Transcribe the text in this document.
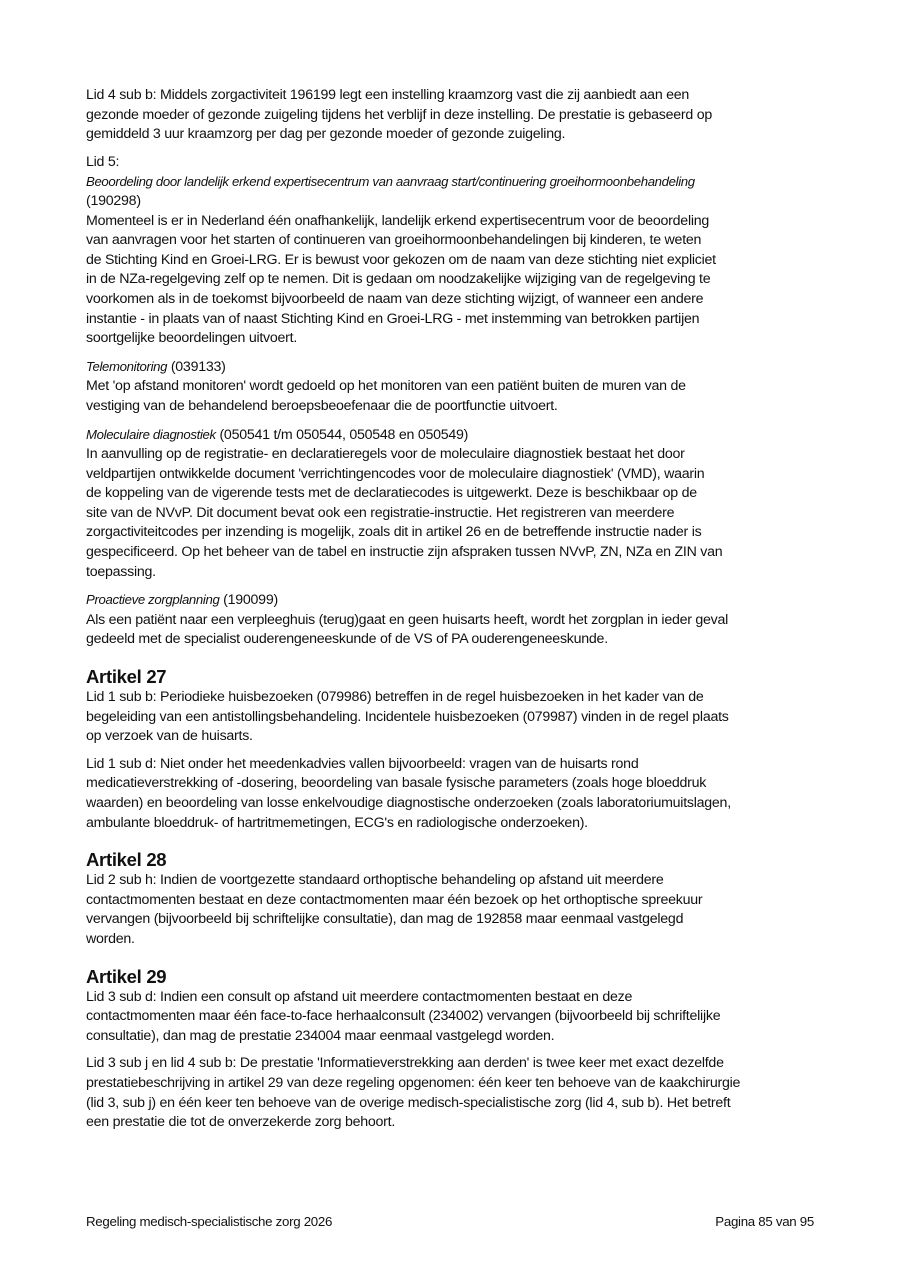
Lid 4 sub b: Middels zorgactiviteit 196199 legt een instelling kraamzorg vast die zij aanbiedt aan een
gezonde moeder of gezonde zuigeling tijdens het verblijf in deze instelling. De prestatie is gebaseerd op
gemiddeld 3 uur kraamzorg per dag per gezonde moeder of gezonde zuigeling.

Lid 5:
Beoordeling door landelijk erkend expertisecentrum van aanvraag start/continuering groeihormoonbehandeling
(190298)
Momenteel is er in Nederland één onafhankelijk, landelijk erkend expertisecentrum voor de beoordeling
van aanvragen voor het starten of continueren van groeihormoonbehandelingen bij kinderen, te weten
de Stichting Kind en Groei-LRG. Er is bewust voor gekozen om de naam van deze stichting niet expliciet
in de NZa-regelgeving zelf op te nemen. Dit is gedaan om noodzakelijke wijziging van de regelgeving te
voorkomen als in de toekomst bijvoorbeeld de naam van deze stichting wijzigt, of wanneer een andere
instantie - in plaats van of naast Stichting Kind en Groei-LRG - met instemming van betrokken partijen
soortgelijke beoordelingen uitvoert.

Telemonitoring (039133)
Met 'op afstand monitoren' wordt gedoeld op het monitoren van een patiënt buiten de muren van de
vestiging van de behandelend beroepsbeoefenaar die de poortfunctie uitvoert.

Moleculaire diagnostiek (050541 t/m 050544, 050548 en 050549)
In aanvulling op de registratie- en declaratieregels voor de moleculaire diagnostiek bestaat het door
veldpartijen ontwikkelde document 'verrichtingencodes voor de moleculaire diagnostiek' (VMD), waarin
de koppeling van de vigerende tests met de declaratiecodes is uitgewerkt. Deze is beschikbaar op de
site van de NVvP. Dit document bevat ook een registratie-instructie. Het registreren van meerdere
zorgactiviteitcodes per inzending is mogelijk, zoals dit in artikel 26 en de betreffende instructie nader is
gespecificeerd. Op het beheer van de tabel en instructie zijn afspraken tussen NVvP, ZN, NZa en ZIN van
toepassing.

Proactieve zorgplanning (190099)
Als een patiënt naar een verpleeghuis (terug)gaat en geen huisarts heeft, wordt het zorgplan in ieder geval
gedeeld met de specialist ouderengeneeskunde of de VS of PA ouderengeneeskunde.

Artikel 27

Lid 1 sub b: Periodieke huisbezoeken (079986) betreffen in de regel huisbezoeken in het kader van de
begeleiding van een antistollingsbehandeling. Incidentele huisbezoeken (079987) vinden in de regel plaats
op verzoek van de huisarts.

Lid 1 sub d: Niet onder het meedenkadvies vallen bijvoorbeeld: vragen van de huisarts rond
medicatieverstrekking of -dosering, beoordeling van basale fysische parameters (zoals hoge bloeddruk
waarden) en beoordeling van losse enkelvoudige diagnostische onderzoeken (zoals laboratoriumuitslagen,
ambulante bloeddruk- of hartritmemetingen, ECG's en radiologische onderzoeken).

Artikel 28

Lid 2 sub h: Indien de voortgezette standaard orthoptische behandeling op afstand uit meerdere
contactmomenten bestaat en deze contactmomenten maar één bezoek op het orthoptische spreekuur
vervangen (bijvoorbeeld bij schriftelijke consultatie), dan mag de 192858 maar eenmaal vastgelegd
worden.

Artikel 29

Lid 3 sub d: Indien een consult op afstand uit meerdere contactmomenten bestaat en deze
contactmomenten maar één face-to-face herhaalconsult (234002) vervangen (bijvoorbeeld bij schriftelijke
consultatie), dan mag de prestatie 234004 maar eenmaal vastgelegd worden.

Lid 3 sub j en lid 4 sub b: De prestatie 'Informatieverstrekking aan derden' is twee keer met exact dezelfde
prestatiebeschrijving in artikel 29 van deze regeling opgenomen: één keer ten behoeve van de kaakchirurgie
(lid 3, sub j) en één keer ten behoeve van de overige medisch-specialistische zorg (lid 4, sub b). Het betreft
een prestatie die tot de onverzekerde zorg behoort.

Regeling medisch-specialistische zorg 2026	Pagina 85 van 95
